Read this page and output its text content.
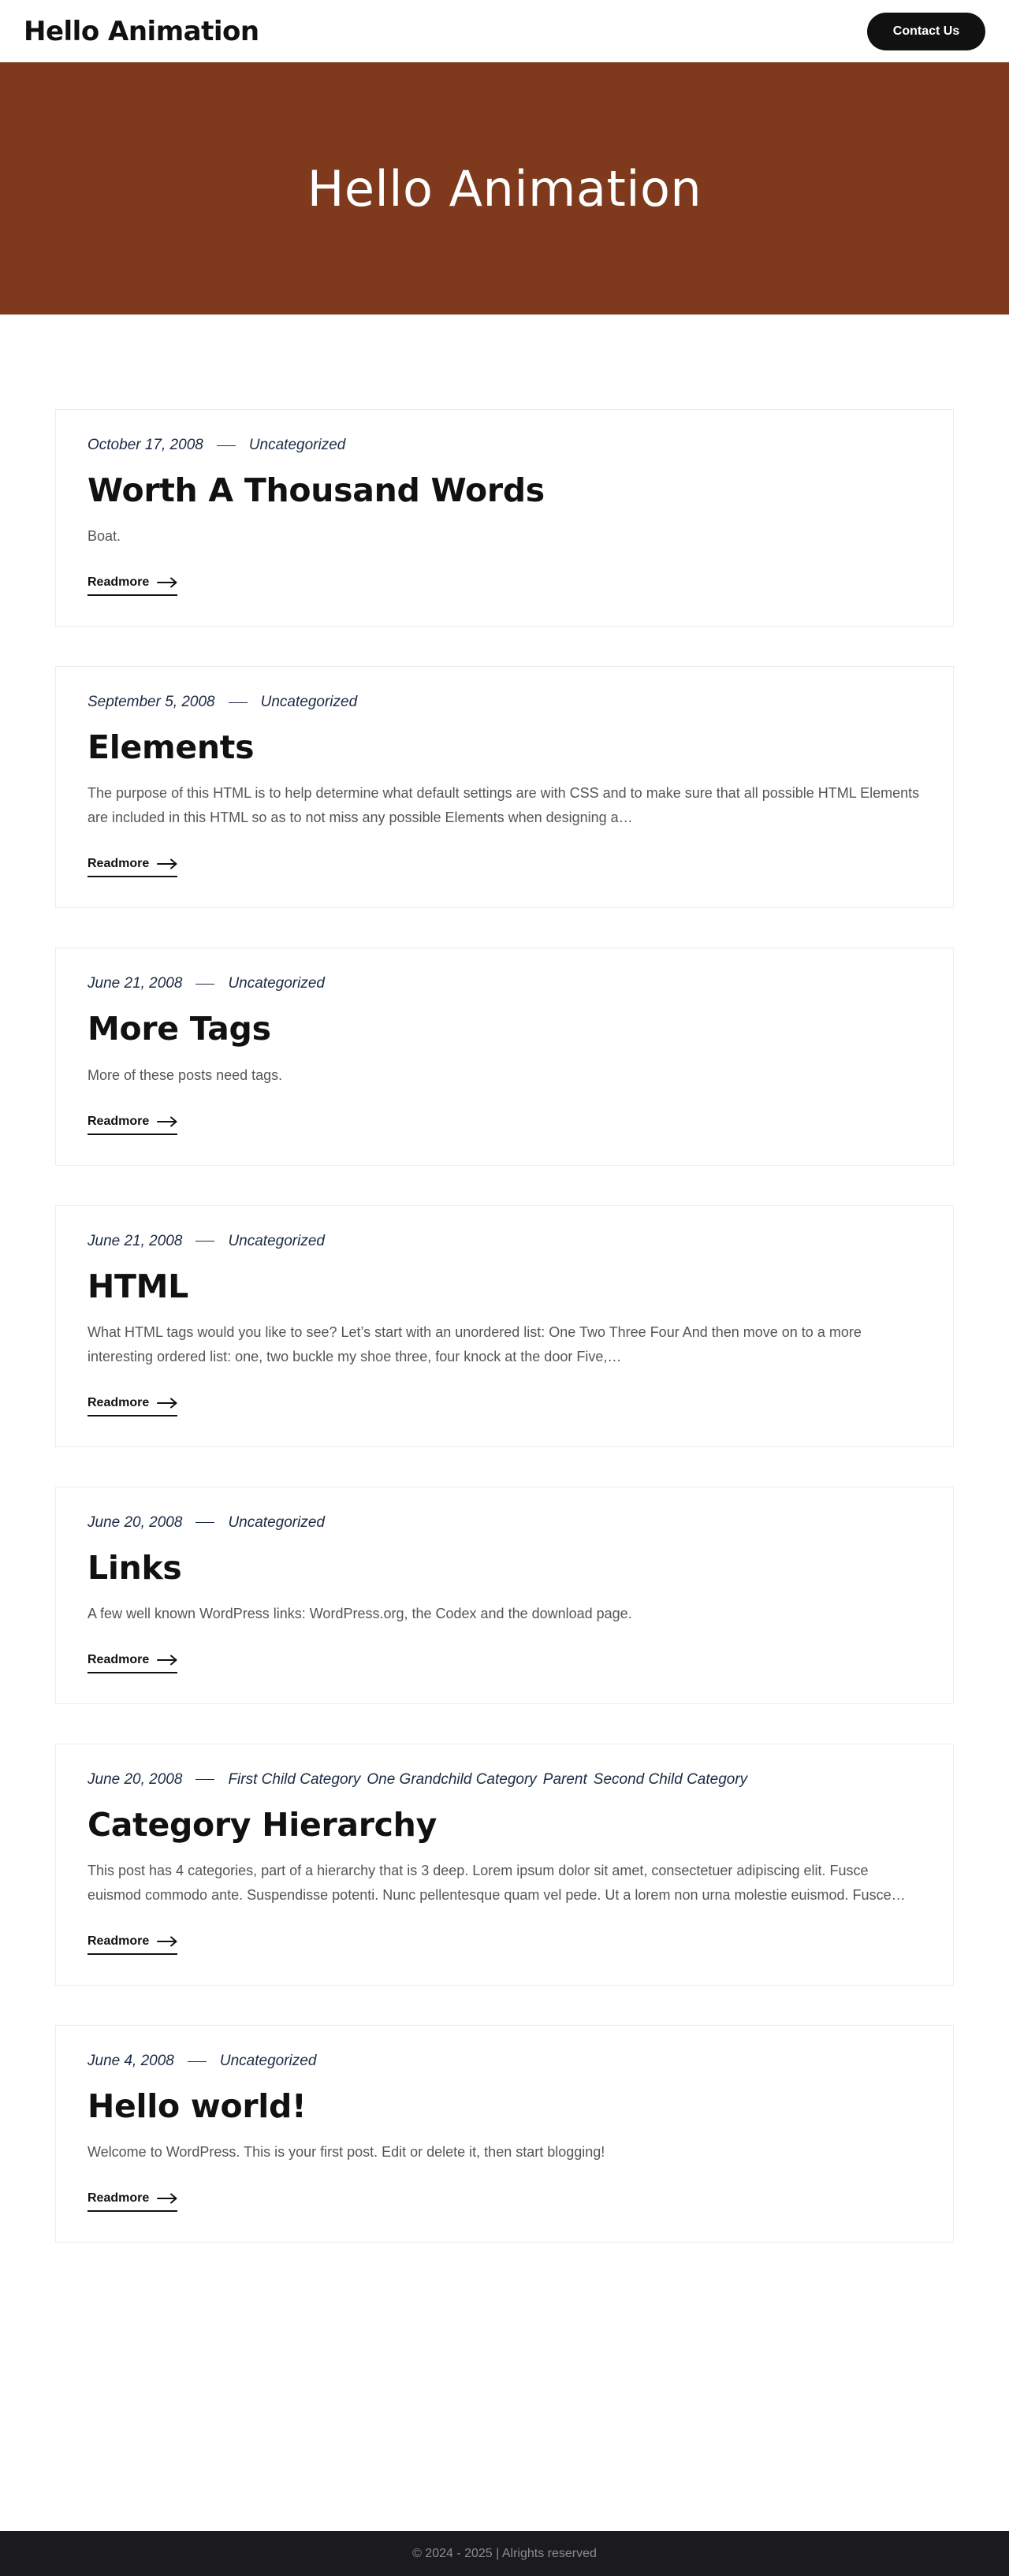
Hello Animation	Contact Us
Hello Animation
October 17, 2008	Uncategorized
Worth A Thousand Words

Boat.

Readmore
September 5, 2008	Uncategorized
Elements

The purpose of this HTML is to help determine what default settings are with CSS and to make sure that all possible HTML Elements are included in this HTML so as to not miss any possible Elements when designing a…

Readmore
June 21, 2008	Uncategorized
More Tags

More of these posts need tags.

Readmore
June 21, 2008	Uncategorized
HTML

What HTML tags would you like to see? Let’s start with an unordered list: One Two Three Four And then move on to a more interesting ordered list: one, two buckle my shoe three, four knock at the door Five,…

Readmore
June 20, 2008	Uncategorized
Links

A few well known WordPress links: WordPress.org, the Codex and the download page.

Readmore
June 20, 2008	First Child Category One Grandchild Category Parent Second Child Category
Category Hierarchy

This post has 4 categories, part of a hierarchy that is 3 deep. Lorem ipsum dolor sit amet, consectetuer adipiscing elit. Fusce euismod commodo ante. Suspendisse potenti. Nunc pellentesque quam vel pede. Ut a lorem non urna molestie euismod. Fusce…

Readmore
June 4, 2008	Uncategorized
Hello world!

Welcome to WordPress. This is your first post. Edit or delete it, then start blogging!

Readmore
© 2024 - 2025 | Alrights reserved
